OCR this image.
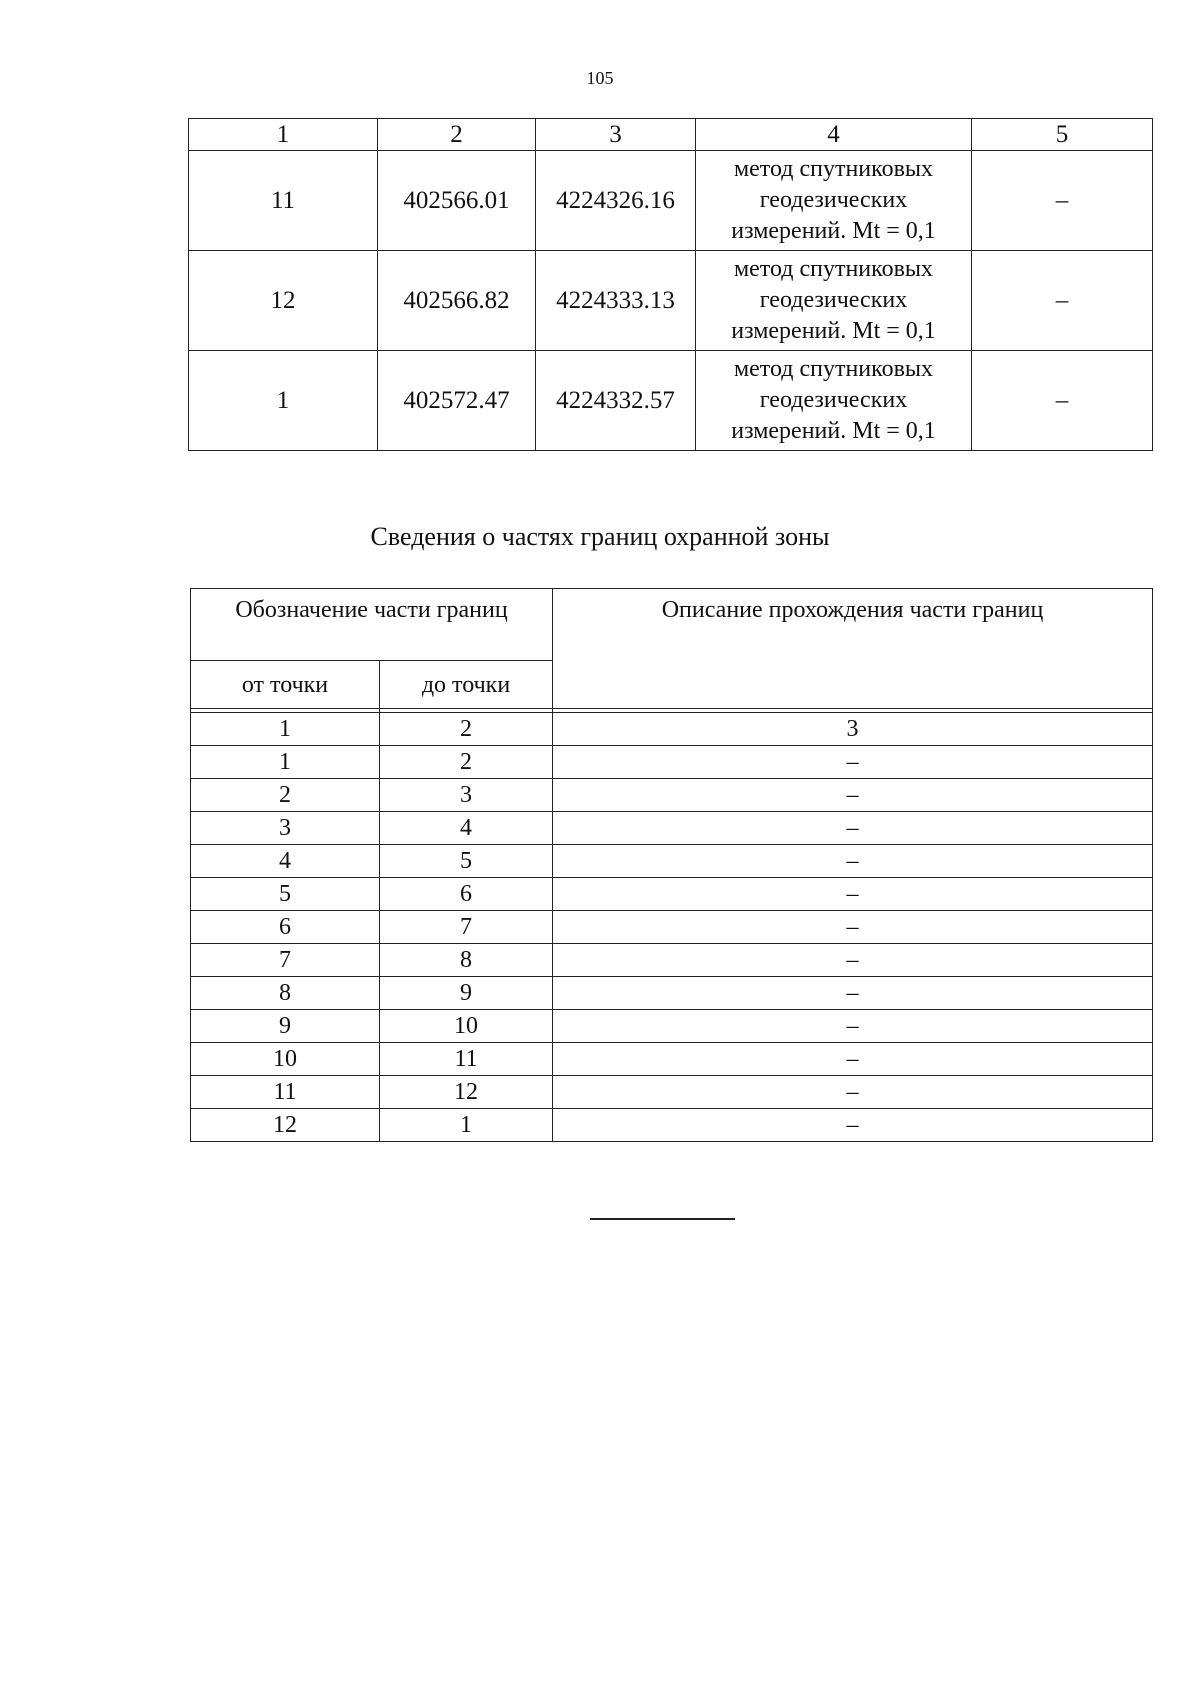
105
1	2	3	4	5
11	402566.01	4224326.16	метод спутниковых
геодезических
измерений. Mt = 0,1	–
12	402566.82	4224333.13	метод спутниковых
геодезических
измерений. Mt = 0,1	–
1	402572.47	4224332.57	метод спутниковых
геодезических
измерений. Mt = 0,1	–
Сведения о частях границ охранной зоны
Обозначение части границ		Описание прохождения части границ
от точки	до точки	

1	2	3
1	2	–
2	3	–
3	4	–
4	5	–
5	6	–
6	7	–
7	8	–
8	9	–
9	10	–
10	11	–
11	12	–
12	1	–
